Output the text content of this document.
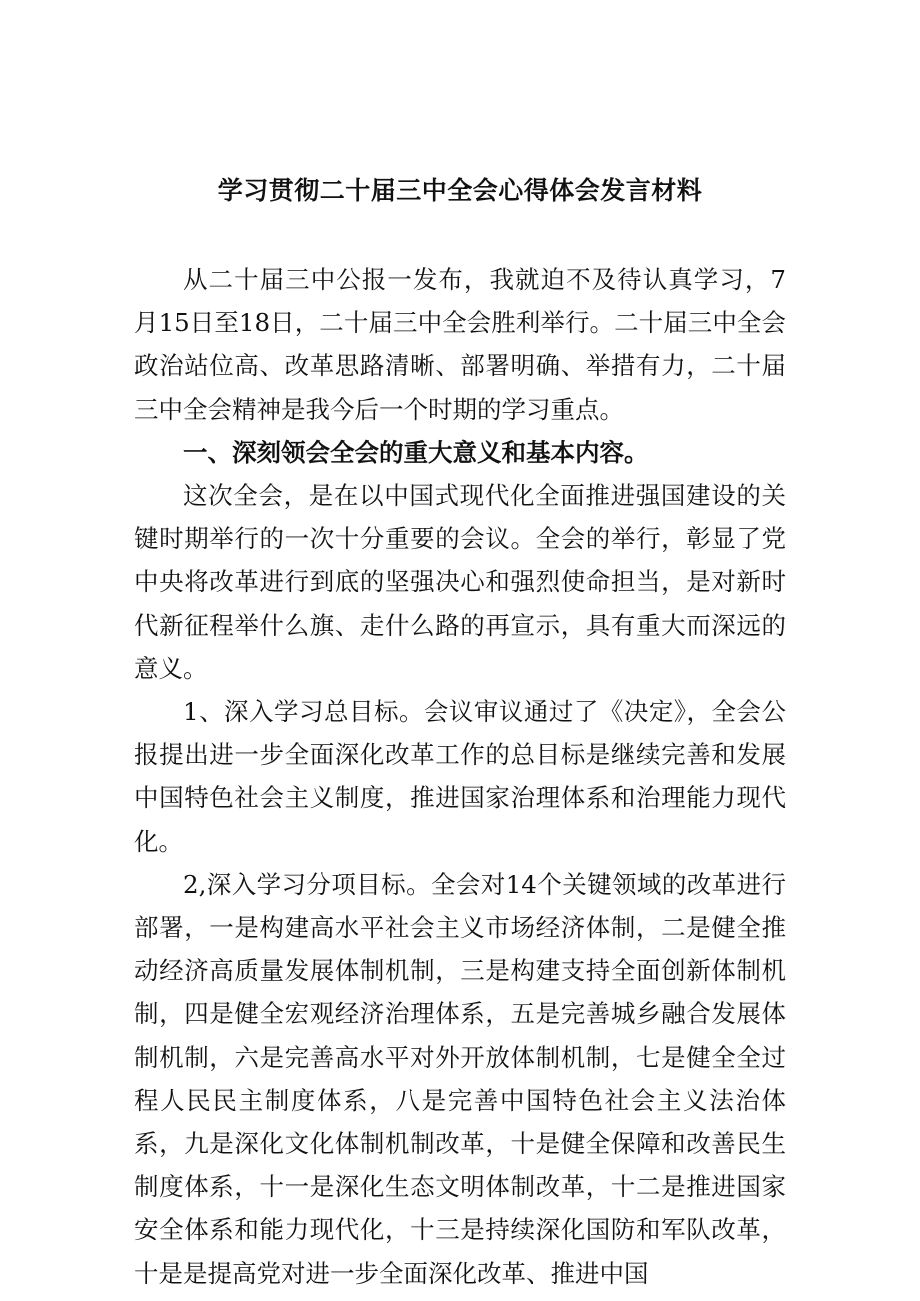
学习贯彻二十届三中全会心得体会发言材料

从二十届三中公报一发布，我就迫不及待认真学习，7月15日至18日，二十届三中全会胜利举行。二十届三中全会政治站位高、改革思路清晰、部署明确、举措有力，二十届三中全会精神是我今后一个时期的学习重点。

一、深刻领会全会的重大意义和基本内容。

这次全会，是在以中国式现代化全面推进强国建设的关键时期举行的一次十分重要的会议。全会的举行，彰显了党中央将改革进行到底的坚强决心和强烈使命担当，是对新时代新征程举什么旗、走什么路的再宣示，具有重大而深远的意义。

1、深入学习总目标。会议审议通过了《决定》，全会公报提出进一步全面深化改革工作的总目标是继续完善和发展中国特色社会主义制度，推进国家治理体系和治理能力现代化。

2,深入学习分项目标。全会对14个关键领域的改革进行部署，一是构建高水平社会主义市场经济体制，二是健全推动经济高质量发展体制机制，三是构建支持全面创新体制机制，四是健全宏观经济治理体系，五是完善城乡融合发展体制机制，六是完善高水平对外开放体制机制，七是健全全过程人民民主制度体系，八是完善中国特色社会主义法治体系，九是深化文化体制机制改革，十是健全保障和改善民生制度体系，十一是深化生态文明体制改革，十二是推进国家安全体系和能力现代化，十三是持续深化国防和军队改革，十是是提高党对进一步全面深化改革、推进中国
